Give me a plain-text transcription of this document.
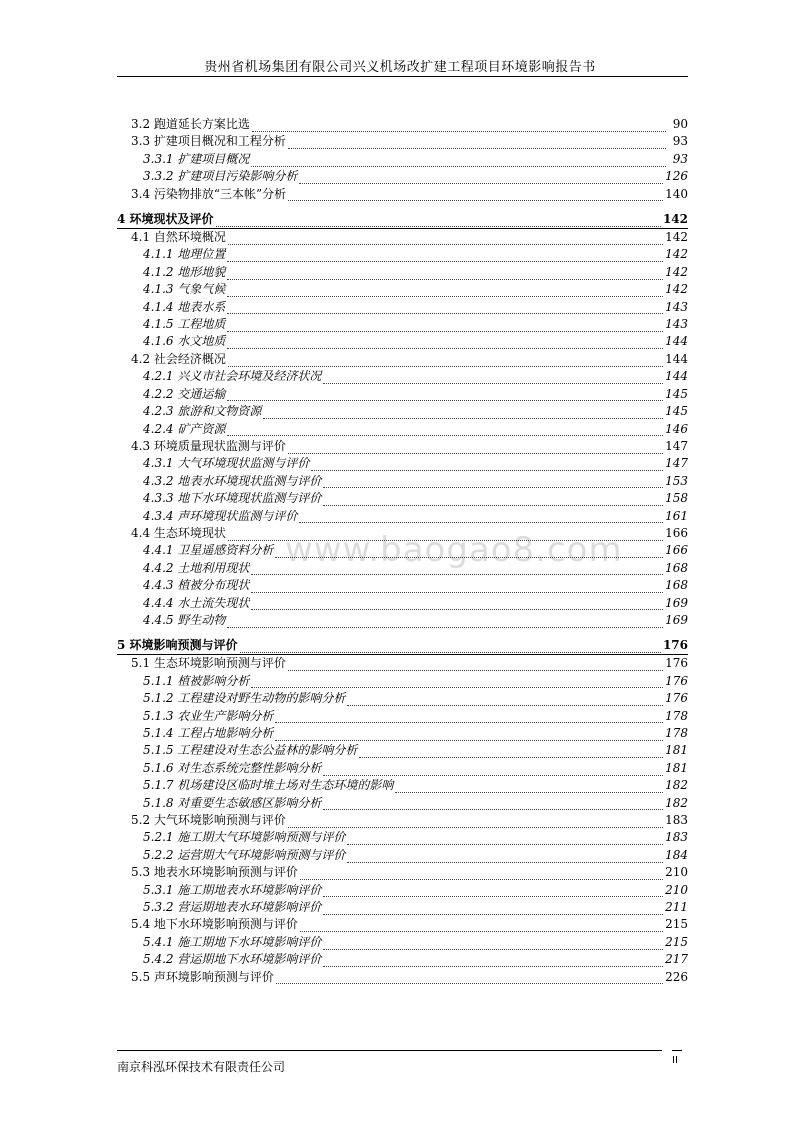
贵州省机场集团有限公司兴义机场改扩建工程项目环境影响报告书
www.baogao8.com
3.2 跑道延长方案比选	90
3.3 扩建项目概况和工程分析	93
3.3.1 扩建项目概况	93
3.3.2 扩建项目污染影响分析	126
3.4 污染物排放“三本帐”分析	140
4 环境现状及评价	142
4.1 自然环境概况	142
4.1.1 地理位置	142
4.1.2 地形地貌	142
4.1.3 气象气候	142
4.1.4 地表水系	143
4.1.5 工程地质	143
4.1.6 水文地质	144
4.2 社会经济概况	144
4.2.1 兴义市社会环境及经济状况	144
4.2.2 交通运输	145
4.2.3 旅游和文物资源	145
4.2.4 矿产资源	146
4.3 环境质量现状监测与评价	147
4.3.1 大气环境现状监测与评价	147
4.3.2 地表水环境现状监测与评价	153
4.3.3 地下水环境现状监测与评价	158
4.3.4 声环境现状监测与评价	161
4.4 生态环境现状	166
4.4.1 卫星遥感资料分析	166
4.4.2 土地利用现状	168
4.4.3 植被分布现状	168
4.4.4 水土流失现状	169
4.4.5 野生动物	169
5 环境影响预测与评价	176
5.1 生态环境影响预测与评价	176
5.1.1 植被影响分析	176
5.1.2 工程建设对野生动物的影响分析	176
5.1.3 农业生产影响分析	178
5.1.4 工程占地影响分析	178
5.1.5 工程建设对生态公益林的影响分析	181
5.1.6 对生态系统完整性影响分析	181
5.1.7 机场建设区临时堆土场对生态环境的影响	182
5.1.8 对重要生态敏感区影响分析	182
5.2 大气环境影响预测与评价	183
5.2.1 施工期大气环境影响预测与评价	183
5.2.2 运营期大气环境影响预测与评价	184
5.3 地表水环境影响预测与评价	210
5.3.1 施工期地表水环境影响评价	210
5.3.2 营运期地表水环境影响评价	211
5.4 地下水环境影响预测与评价	215
5.4.1 施工期地下水环境影响评价	215
5.4.2 营运期地下水环境影响评价	217
5.5 声环境影响预测与评价	226
南京科泓环保技术有限责任公司	II
